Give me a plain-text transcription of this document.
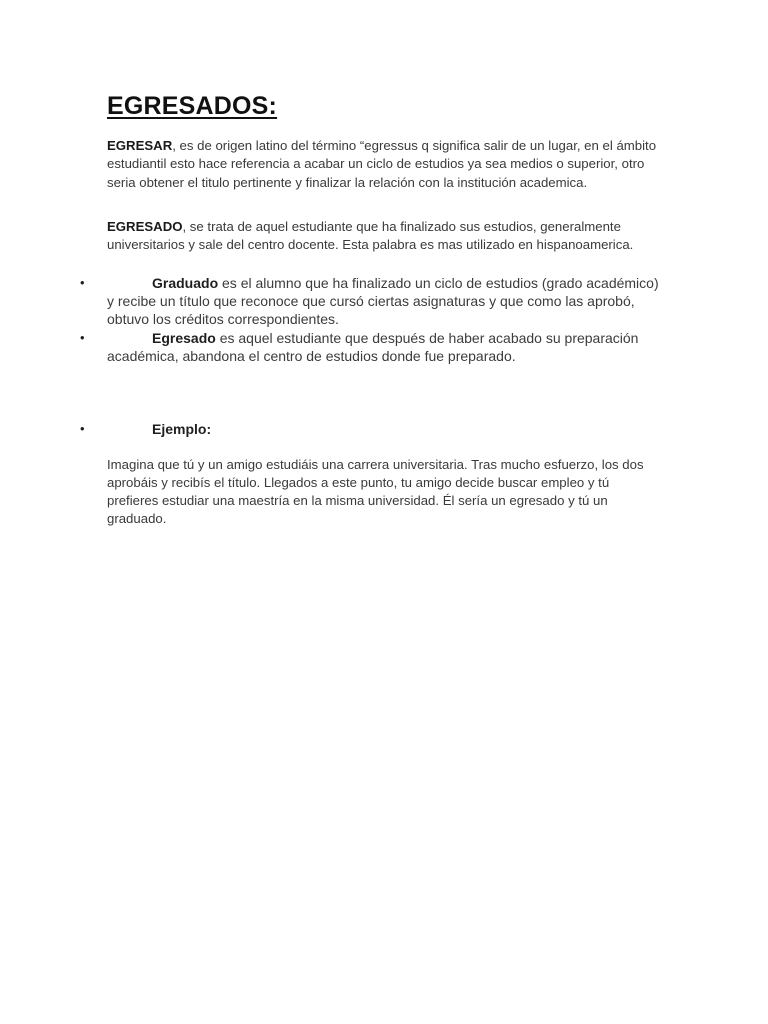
EGRESADOS:

EGRESAR, es de origen latino del término “egressus q significa salir de un lugar, en el ámbito estudiantil esto hace referencia a acabar un ciclo de estudios ya sea medios o superior, otro seria obtener el titulo pertinente y finalizar la relación con la institución academica.

EGRESADO, se trata de aquel estudiante que ha finalizado sus estudios, generalmente universitarios y sale del centro docente. Esta palabra es mas utilizado en hispanoamerica.

•	Graduado es el alumno que ha finalizado un ciclo de estudios (grado académico) y recibe un título que reconoce que cursó ciertas asignaturas y que como las aprobó, obtuvo los créditos correspondientes.
•	Egresado es aquel estudiante que después de haber acabado su preparación académica, abandona el centro de estudios donde fue preparado.
•	Ejemplo:

Imagina que tú y un amigo estudiáis una carrera universitaria. Tras mucho esfuerzo, los dos aprobáis y recibís el título. Llegados a este punto, tu amigo decide buscar empleo y tú prefieres estudiar una maestría en la misma universidad. Él sería un egresado y tú un graduado.
